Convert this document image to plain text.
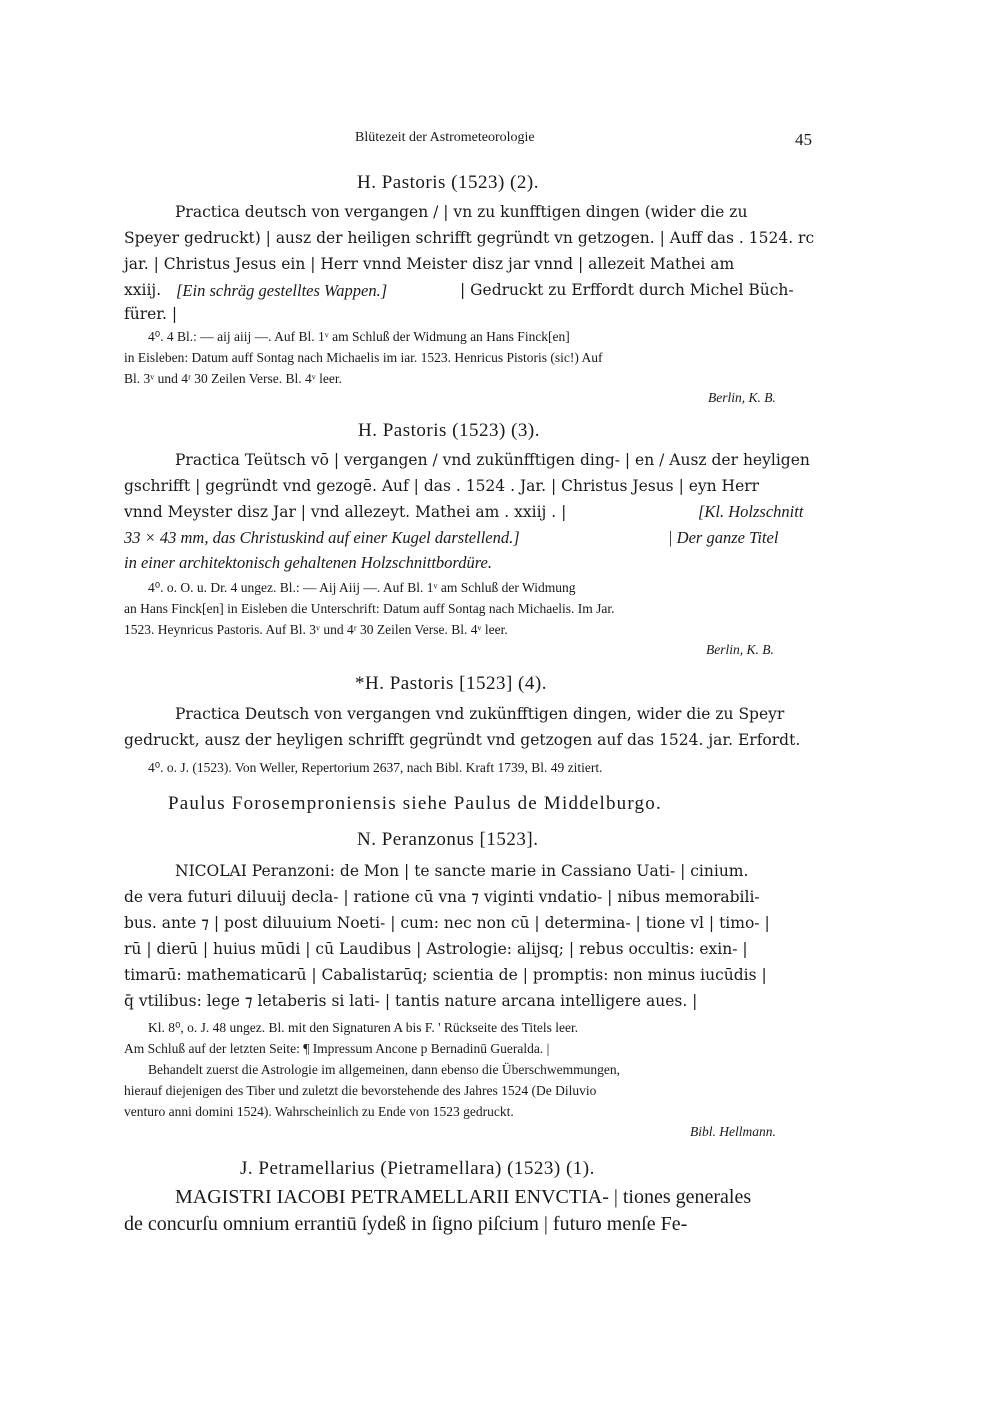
Blütezeit der Astrometeorologie	45
H. Pastoris (1523) (2).
Practica deutsch von vergangen / | vn zu kunfftigen dingen (wider die zu
Speyer gedruckt) | ausz der heiligen schrifft gegründt vn getzogen. | Auff das . 1524. rc
jar. | Christus Jesus ein | Herr vnnd Meister disz jar vnnd | allezeit Mathei am
xxiij. [Ein schräg gestelltes Wappen.]	| Gedruckt zu Erffordt durch Michel Büch-
fürer. |
4⁰. 4 Bl.: — aij aiij —. Auf Bl. 1ᵛ am Schluß der Widmung an Hans Finck[en]
in Eisleben: Datum auff Sontag nach Michaelis im iar. 1523. Henricus Pistoris (sic!) Auf
Bl. 3ᵛ und 4ʳ 30 Zeilen Verse. Bl. 4ᵛ leer.
Berlin, K. B.
H. Pastoris (1523) (3).
Practica Teütsch vō | vergangen / vnd zukünfftigen ding- | en / Ausz der heyligen
gschrifft | gegründt vnd gezogē. Auf | das . 1524 . Jar. | Christus Jesus | eyn Herr
vnnd Meyster disz Jar | vnd allezeyt. Mathei am . xxiij . |	[Kl. Holzschnitt
33 × 43 mm, das Christuskind auf einer Kugel darstellend.]	| Der ganze Titel
in einer architektonisch gehaltenen Holzschnittbordüre.
4⁰. o. O. u. Dr. 4 ungez. Bl.: — Aij Aiij —. Auf Bl. 1ᵛ am Schluß der Widmung
an Hans Finck[en] in Eisleben die Unterschrift: Datum auff Sontag nach Michaelis. Im Jar.
1523. Heynricus Pastoris. Auf Bl. 3ᵛ und 4ʳ 30 Zeilen Verse. Bl. 4ᵛ leer.
Berlin, K. B.
*H. Pastoris [1523] (4).
Practica Deutsch von vergangen vnd zukünfftigen dingen, wider die zu Speyr
gedruckt, ausz der heyligen schrifft gegründt vnd getzogen auf das 1524. jar. Erfordt.
4⁰. o. J. (1523). Von Weller, Repertorium 2637, nach Bibl. Kraft 1739, Bl. 49 zitiert.
Paulus Forosemproniensis siehe Paulus de Middelburgo.
N. Peranzonus [1523].
NICOLAI Peranzoni: de Mon | te sancte marie in Cassiano Uati- | cinium.
de vera futuri diluuij decla- | ratione cū vna ⁊ viginti vndatio- | nibus memorabili-
bus. ante ⁊ | post diluuium Noeti- | cum: nec non cū | determina- | tione vl | timo- |
rū | dierū | huius mūdi | cū Laudibus | Astrologie: alijsq; | rebus occultis: exin- |
timarū: mathematicarū | Cabalistarūq; scientia de | promptis: non minus iucūdis |
q̄ vtilibus: lege ⁊ letaberis si lati- | tantis nature arcana intelligere aues. |
Kl. 8⁰, o. J. 48 ungez. Bl. mit den Signaturen A bis F. ' Rückseite des Titels leer.
Am Schluß auf der letzten Seite: ¶ Impressum Ancone p Bernadinū Gueralda. |
Behandelt zuerst die Astrologie im allgemeinen, dann ebenso die Überschwemmungen,
hierauf diejenigen des Tiber und zuletzt die bevorstehende des Jahres 1524 (De Diluvio
venturo anni domini 1524). Wahrscheinlich zu Ende von 1523 gedruckt.
Bibl. Hellmann.
J. Petramellarius (Pietramellara) (1523) (1).
MAGISTRI IACOBI PETRAMELLARII ENVCTIA- | tiones generales
de concurſu omnium errantiū ſydeß in ſigno piſcium | futuro menſe Fe-
